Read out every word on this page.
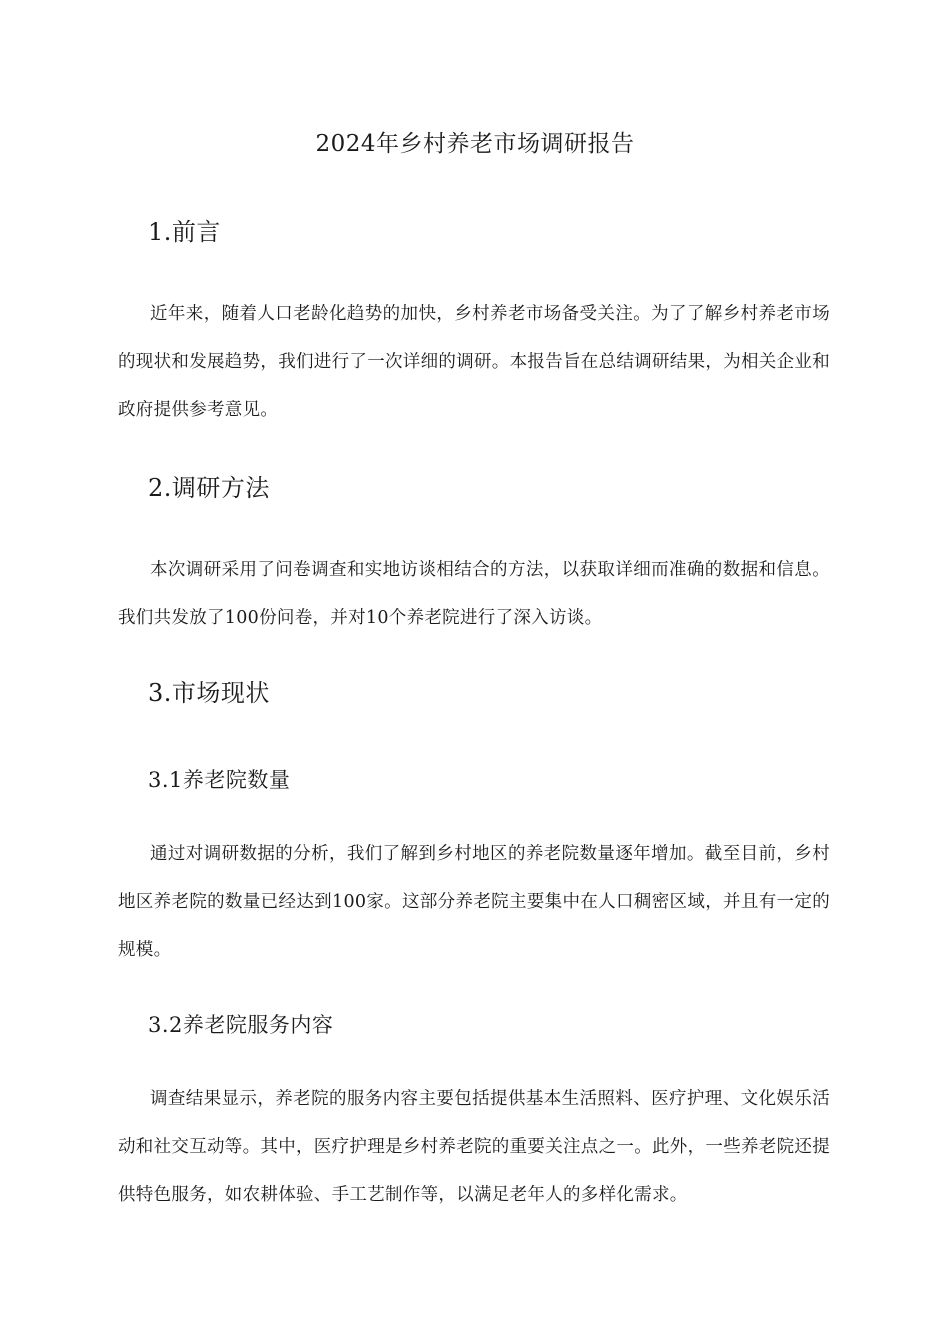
2024年乡村养老市场调研报告
1.前言
近年来，随着人口老龄化趋势的加快，乡村养老市场备受关注。为了了解乡村养老市场的现状和发展趋势，我们进行了一次详细的调研。本报告旨在总结调研结果，为相关企业和政府提供参考意见。
2.调研方法
本次调研采用了问卷调查和实地访谈相结合的方法，以获取详细而准确的数据和信息。我们共发放了100份问卷，并对10个养老院进行了深入访谈。
3.市场现状
3.1养老院数量
通过对调研数据的分析，我们了解到乡村地区的养老院数量逐年增加。截至目前，乡村地区养老院的数量已经达到100家。这部分养老院主要集中在人口稠密区域，并且有一定的规模。
3.2养老院服务内容
调查结果显示，养老院的服务内容主要包括提供基本生活照料、医疗护理、文化娱乐活动和社交互动等。其中，医疗护理是乡村养老院的重要关注点之一。此外，一些养老院还提供特色服务，如农耕体验、手工艺制作等，以满足老年人的多样化需求。
